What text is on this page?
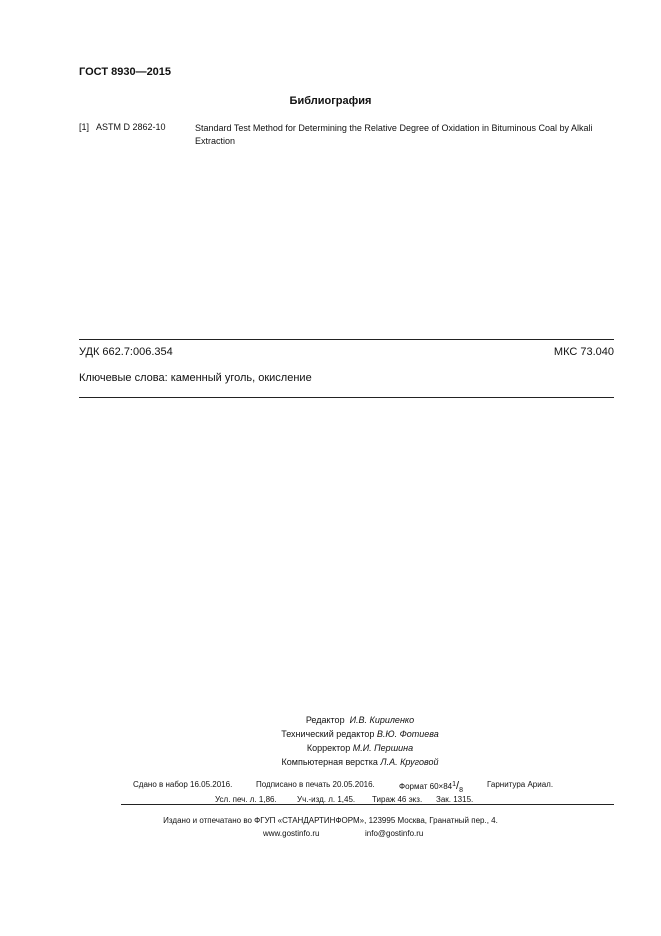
ГОСТ 8930—2015
Библиография
[1] ASTM D 2862-10	Standard Test Method for Determining the Relative Degree of Oxidation in Bituminous Coal by Alkali Extraction
УДК 662.7:006.354	МКС 73.040
Ключевые слова: каменный уголь, окисление
Редактор И.В. Кириленко
Технический редактор В.Ю. Фотиева
Корректор М.И. Першина
Компьютерная верстка Л.А. Круговой
Сдано в набор 16.05.2016.	Подписано в печать 20.05.2016.	Формат 60×841/8
Гарнитура Ариал.
Усл. печ. л. 1,86.	Уч.-изд. л. 1,45. Тираж 46 экз. Зак. 1315.
Издано и отпечатано во ФГУП «СТАНДАРТИНФОРМ», 123995 Москва, Гранатный пер., 4.
www.gostinfo.ru	info@gostinfo.ru
